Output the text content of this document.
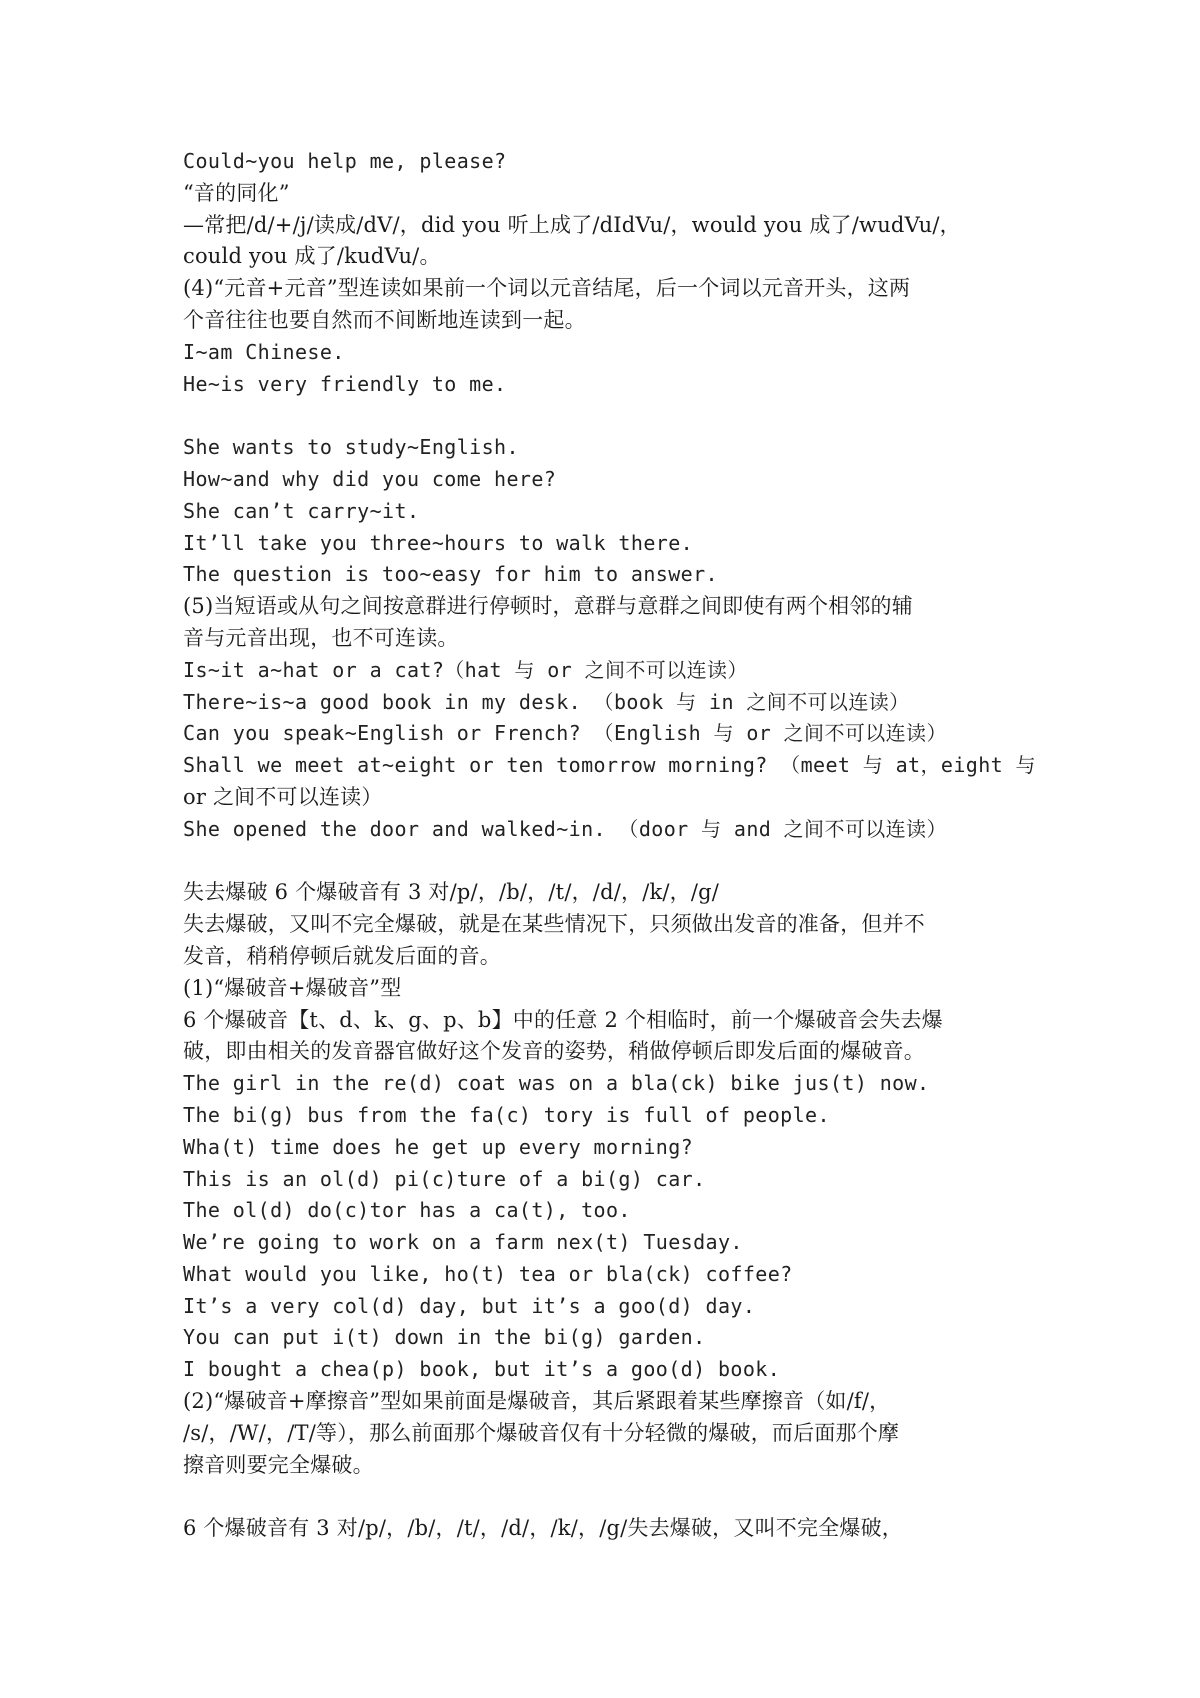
Could~you help me, please?
“音的同化”
—常把/d/+/j/读成/dV/，did you 听上成了/dIdVu/，would you 成了/wudVu/，
could you 成了/kudVu/。
(4)“元音+元音”型连读如果前一个词以元音结尾，后一个词以元音开头，这两
个音往往也要自然而不间断地连读到一起。
I~am Chinese.
He~is very friendly to me.
She wants to study~English.
How~and why did you come here?
She can’t carry~it.
It’ll take you three~hours to walk there.
The question is too~easy for him to answer.
(5)当短语或从句之间按意群进行停顿时，意群与意群之间即使有两个相邻的辅
音与元音出现，也不可连读。
Is~it a~hat or a cat?（hat 与 or 之间不可以连读）
There~is~a good book in my desk. （book 与 in 之间不可以连读）
Can you speak~English or French? （English 与 or 之间不可以连读）
Shall we meet at~eight or ten tomorrow morning? （meet 与 at，eight 与
or 之间不可以连读）
She opened the door and walked~in. （door 与 and 之间不可以连读）
失去爆破 6 个爆破音有 3 对/p/，/b/，/t/，/d/，/k/，/g/
失去爆破，又叫不完全爆破，就是在某些情况下，只须做出发音的准备，但并不
发音，稍稍停顿后就发后面的音。
(1)“爆破音+爆破音”型
6 个爆破音【t、d、k、g、p、b】中的任意 2 个相临时，前一个爆破音会失去爆
破，即由相关的发音器官做好这个发音的姿势，稍做停顿后即发后面的爆破音。
The girl in the re(d) coat was on a bla(ck) bike jus(t) now.
The bi(g) bus from the fa(c) tory is full of people.
Wha(t) time does he get up every morning?
This is an ol(d) pi(c)ture of a bi(g) car.
The ol(d) do(c)tor has a ca(t), too.
We’re going to work on a farm nex(t) Tuesday.
What would you like, ho(t) tea or bla(ck) coffee?
It’s a very col(d) day, but it’s a goo(d) day.
You can put i(t) down in the bi(g) garden.
I bought a chea(p) book, but it’s a goo(d) book.
(2)“爆破音+摩擦音”型如果前面是爆破音，其后紧跟着某些摩擦音（如/f/，
/s/，/W/，/T/等），那么前面那个爆破音仅有十分轻微的爆破，而后面那个摩
擦音则要完全爆破。
6 个爆破音有 3 对/p/，/b/，/t/，/d/，/k/，/g/失去爆破，又叫不完全爆破，
